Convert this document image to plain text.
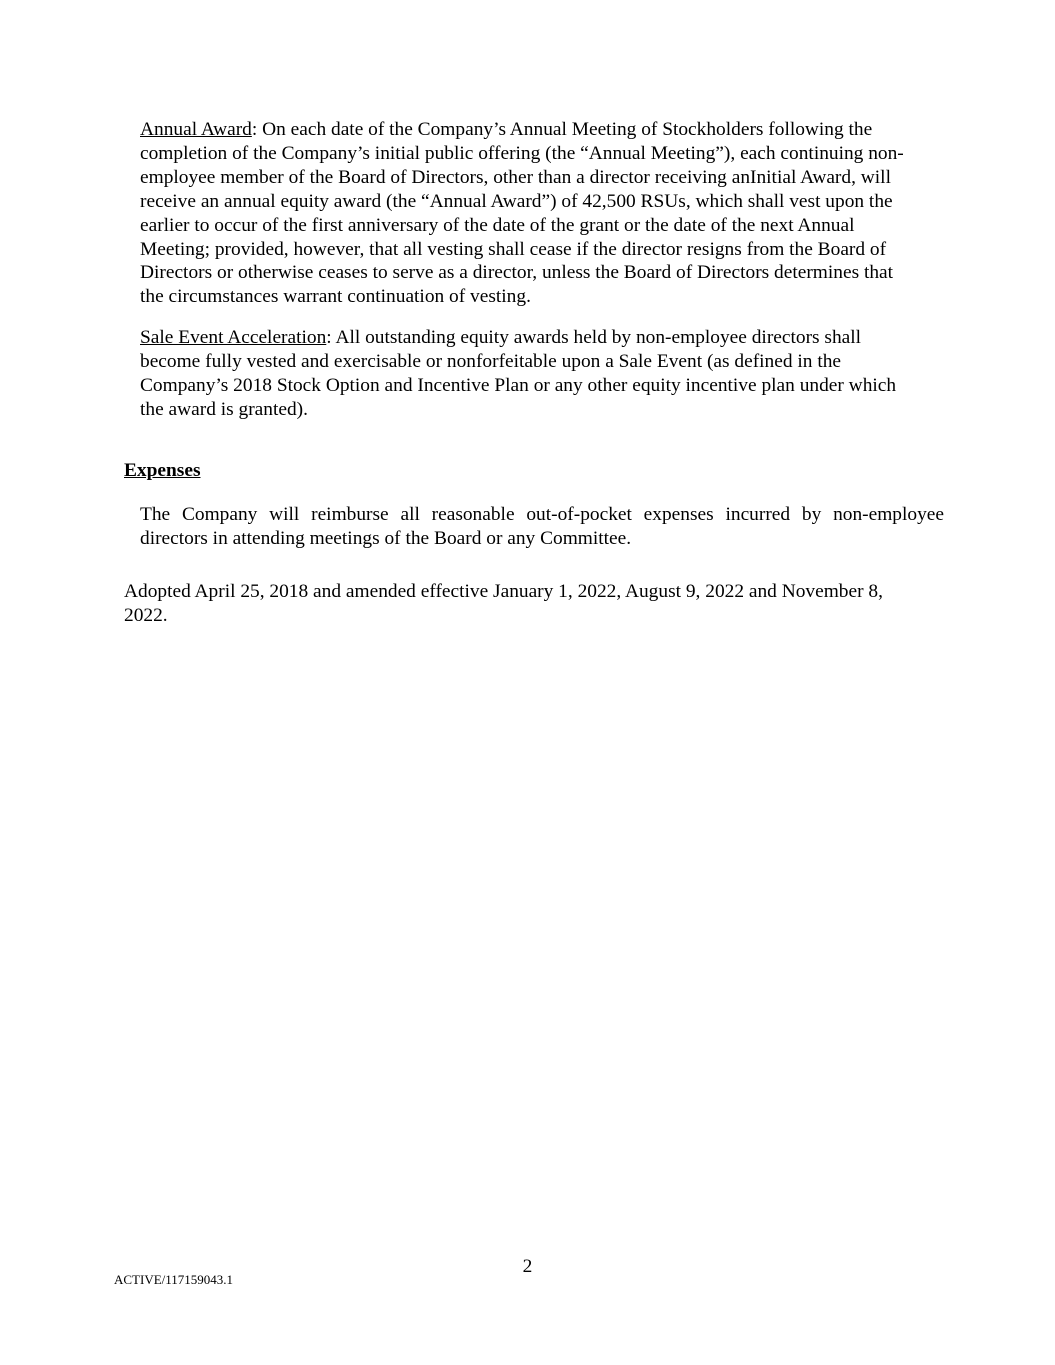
Annual Award: On each date of the Company’s Annual Meeting of Stockholders following the
completion of the Company’s initial public offering (the “Annual Meeting”), each continuing non-
employee member of the Board of Directors, other than a director receiving anInitial Award, will
receive an annual equity award (the “Annual Award”) of 42,500 RSUs, which shall vest upon the
earlier to occur of the first anniversary of the date of the grant or the date of the next Annual
Meeting; provided, however, that all vesting shall cease if the director resigns from the Board of
Directors or otherwise ceases to serve as a director, unless the Board of Directors determines that
the circumstances warrant continuation of vesting.
Sale Event Acceleration: All outstanding equity awards held by non-employee directors shall
become fully vested and exercisable or nonforfeitable upon a Sale Event (as defined in the
Company’s 2018 Stock Option and Incentive Plan or any other equity incentive plan under which
the award is granted).
Expenses
The Company will reimburse all reasonable out-of-pocket expenses incurred by non-employee
directors in attending meetings of the Board or any Committee.
Adopted April 25, 2018 and amended effective January 1, 2022, August 9, 2022 and November 8,
2022.
2
ACTIVE/117159043.1
